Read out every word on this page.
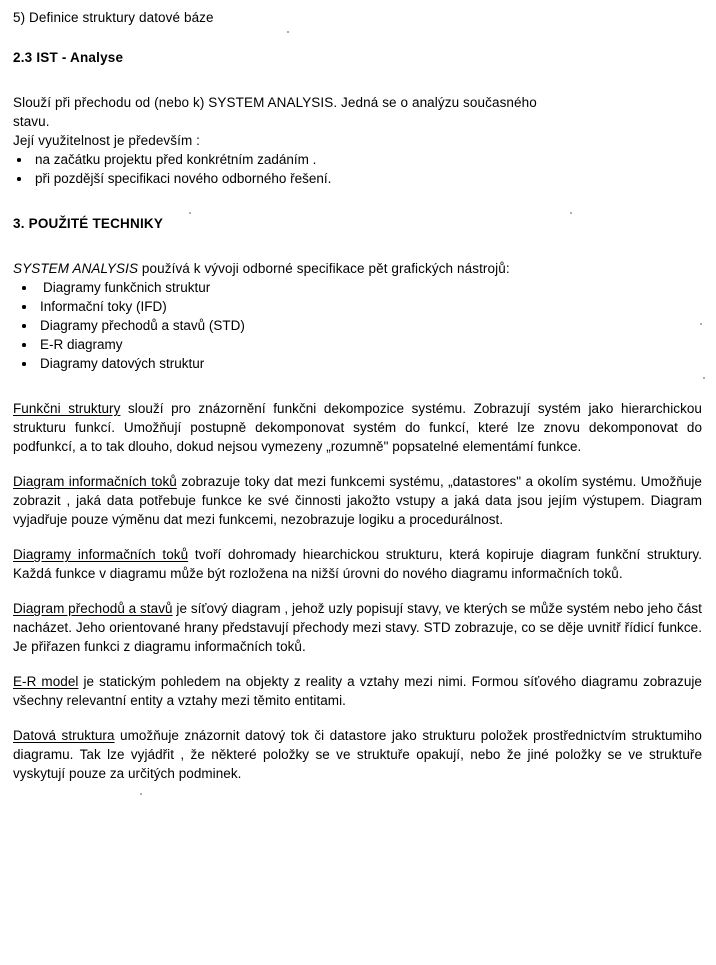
5) Definice struktury datové báze

2.3 IST - Analyse

Slouží při přechodu od (nebo k) SYSTEM ANALYSIS. Jedná se o analýzu současného

stavu.

Její využitelnost je především :

na začátku projektu před konkrétním zadáním .
při pozdější specifikaci nového odborného řešení.

3. POUŽITÉ TECHNIKY

SYSTEM ANALYSIS používá k vývoji odborné specifikace pět grafických nástrojů:

Diagramy funkčnich struktur
Informační toky (IFD)
Diagramy přechodů a stavů (STD)
E-R diagramy
Diagramy datových struktur

Funkčni struktury slouží pro znázornění funkčni dekompozice systému. Zobrazují systém jako hierarchickou strukturu funkcí. Umožňují postupně dekomponovat systém do funkcí, které lze znovu dekomponovat do podfunkcí, a to tak dlouho, dokud nejsou vymezeny „rozumně" popsatelné elementámí funkce.

Diagram informačních toků zobrazuje toky dat mezi funkcemi systému, „datastores" a okolím systému. Umožňuje zobrazit , jaká data potřebuje funkce ke své činnosti jakožto vstupy a jaká data jsou jejím výstupem. Diagram vyjadřuje pouze výměnu dat mezi funkcemi, nezobrazuje logiku a procedurálnost.

Diagramy informačních toků tvoří dohromady hiearchickou strukturu, která kopiruje diagram funkční struktury. Každá funkce v diagramu může být rozložena na nižší úrovni do nového diagramu informačních toků.

Diagram přechodů a stavů je síťový diagram , jehož uzly popisují stavy, ve kterých se může systém nebo jeho část nacházet. Jeho orientované hrany představují přechody mezi stavy. STD zobrazuje, co se děje uvnitř řídicí funkce. Je přiřazen funkci z diagramu informačních toků.

E-R model je statickým pohledem na objekty z reality a vztahy mezi nimi. Formou síťového diagramu zobrazuje všechny relevantní entity a vztahy mezi těmito entitami.

Datová struktura umožňuje znázornit datový tok či datastore jako strukturu položek prostřednictvím struktumiho diagramu. Tak lze vyjádřit , že některé položky se ve struktuře opakují, nebo že jiné položky se ve struktuře vyskytují pouze za určitých podminek.
